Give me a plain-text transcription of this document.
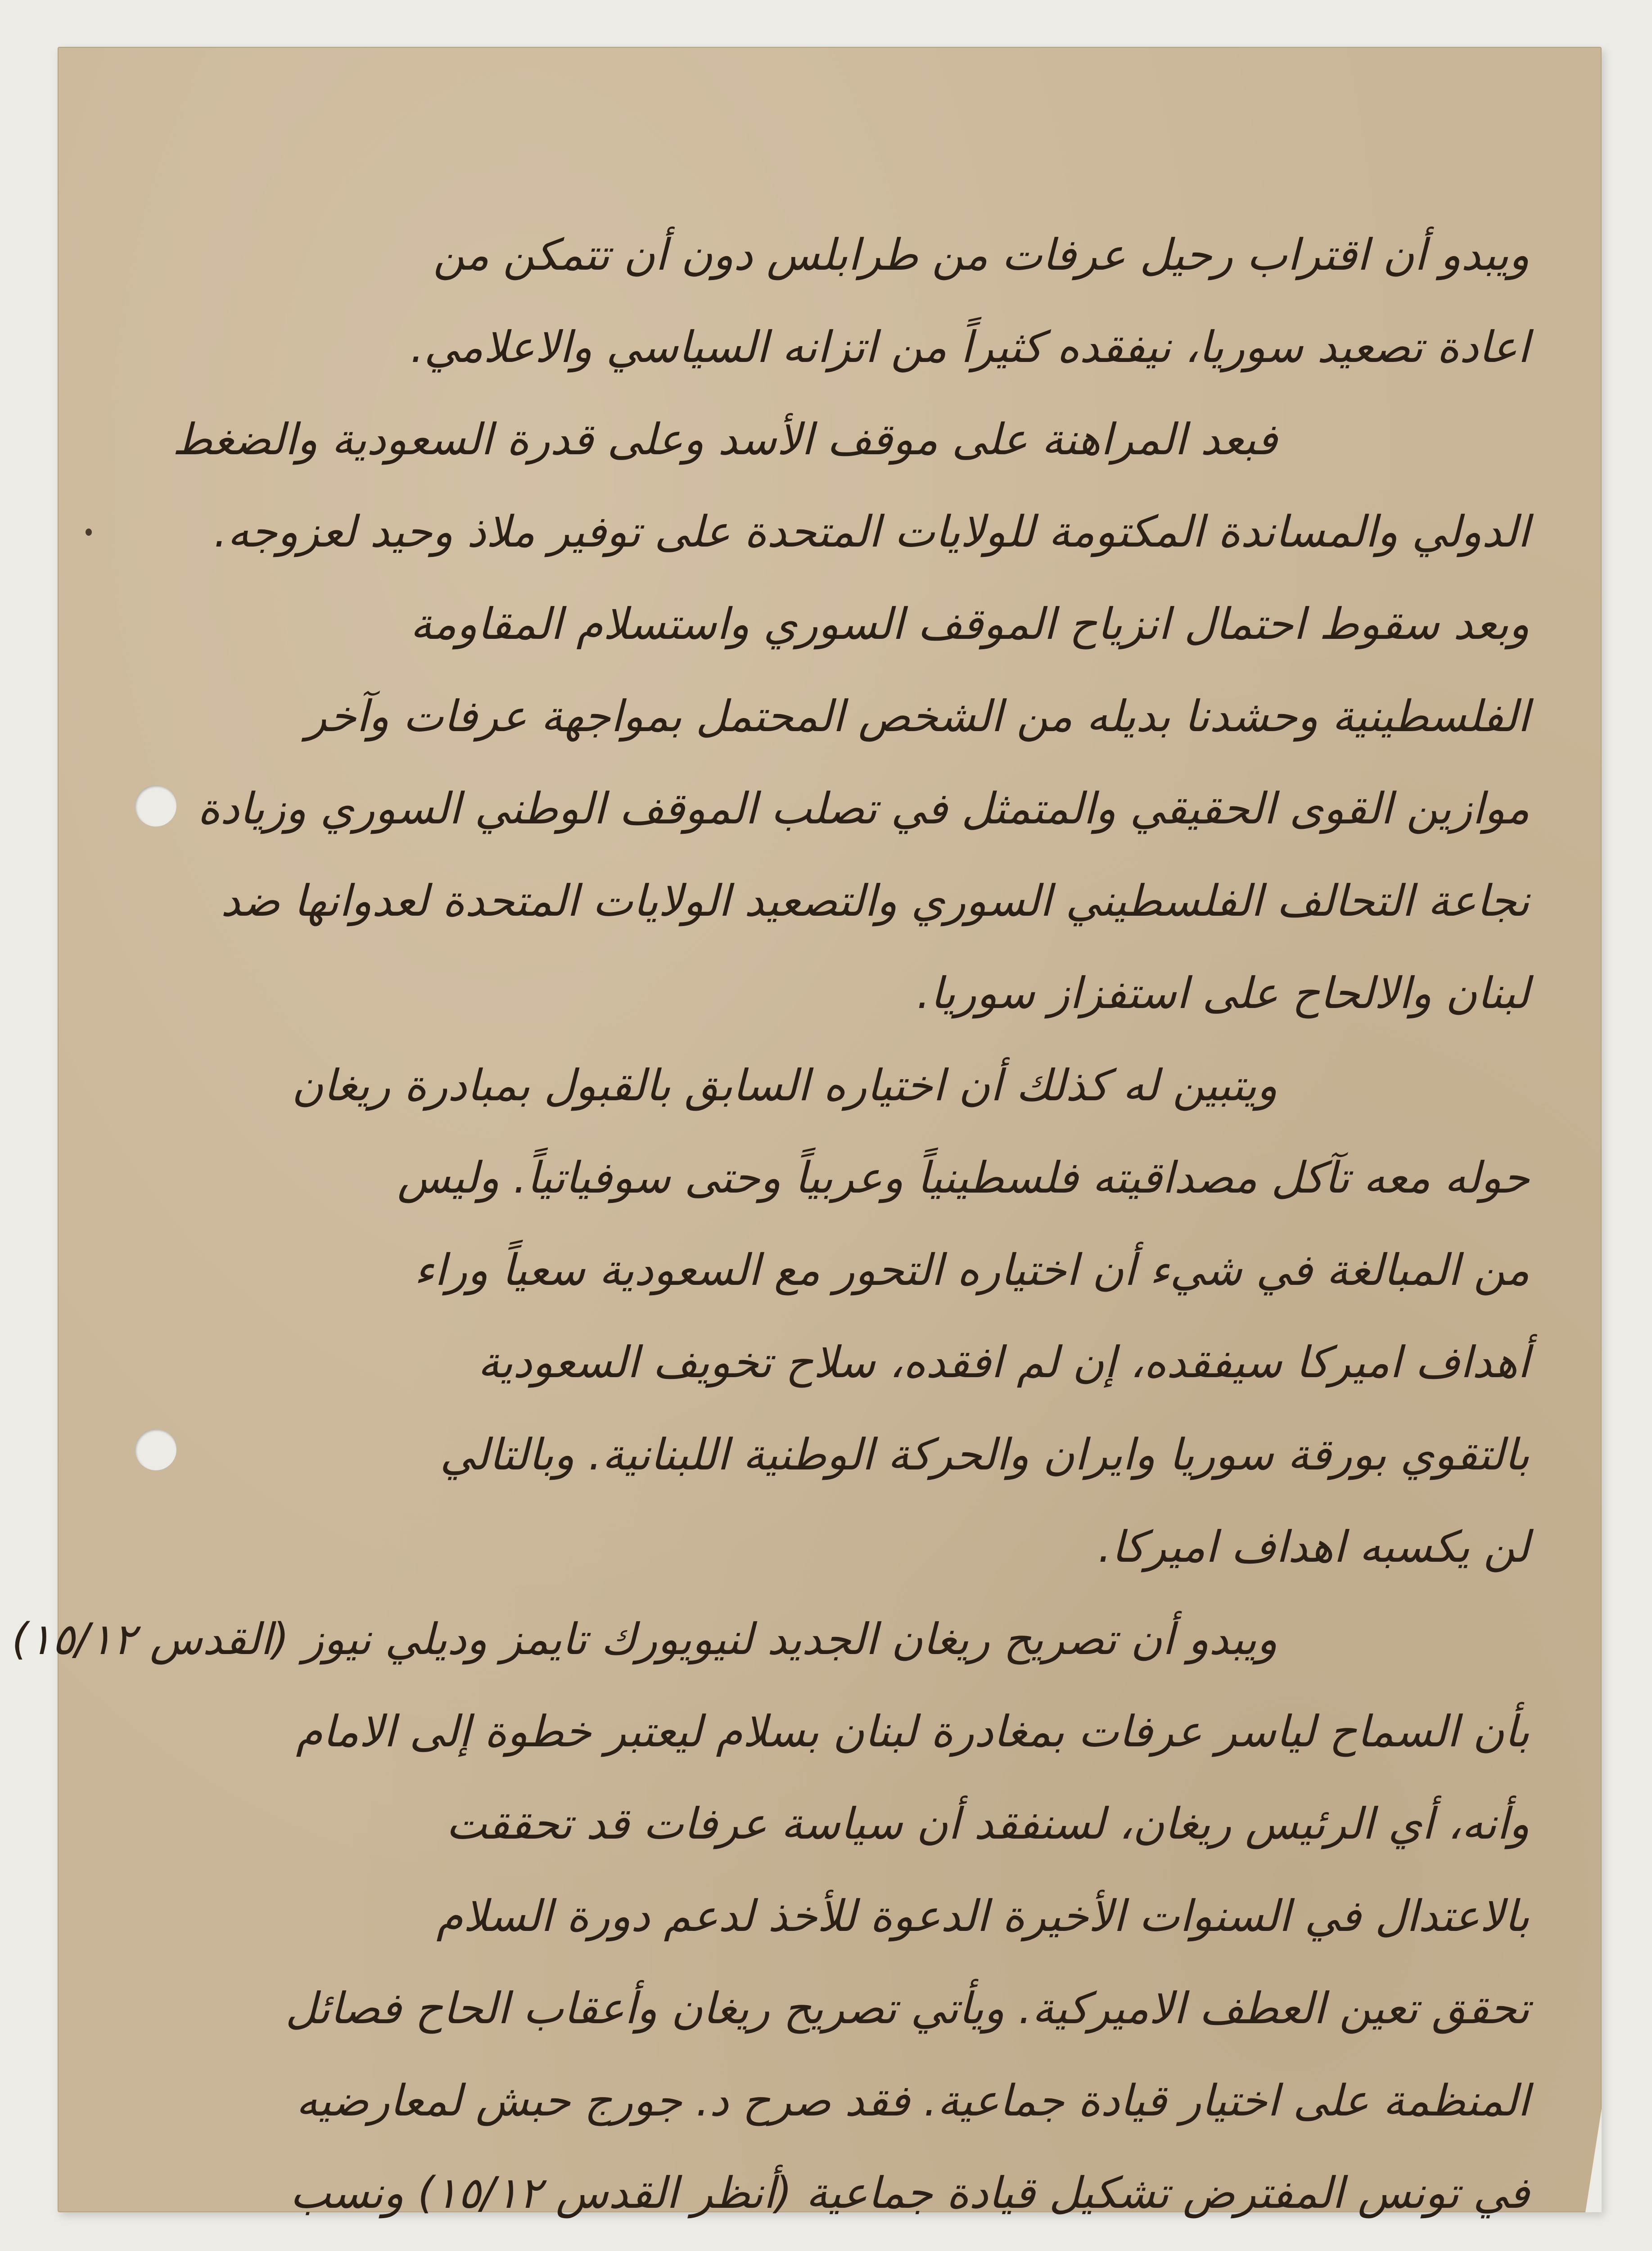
ويبدو أن اقتراب رحيل عرفات من طرابلس دون أن تتمكن من
اعادة تصعيد سوريا، نيفقده كثيراً من اتزانه السياسي والاعلامي.
فبعد المراهنة على موقف الأسد وعلى قدرة السعودية والضغط
الدولي والمساندة المكتومة للولايات المتحدة على توفير ملاذ وحيد لعزوجه.
وبعد سقوط احتمال انزياح الموقف السوري واستسلام المقاومة
الفلسطينية وحشدنا بديله من الشخص المحتمل بمواجهة عرفات وآخر
موازين القوى الحقيقي والمتمثل في تصلب الموقف الوطني السوري وزيادة
نجاعة التحالف الفلسطيني السوري والتصعيد الولايات المتحدة لعدوانها ضد
لبنان والالحاح على استفزاز سوريا.
ويتبين له كذلك أن اختياره السابق بالقبول بمبادرة ريغان
حوله معه تآكل مصداقيته فلسطينياً وعربياً وحتى سوفياتياً. وليس
من المبالغة في شيء أن اختياره التحور مع السعودية سعياً وراء
أهداف اميركا سيفقده، إن لم افقده، سلاح تخويف السعودية
بالتقوي بورقة سوريا وايران والحركة الوطنية اللبنانية. وبالتالي
لن يكسبه اهداف اميركا.
ويبدو أن تصريح ريغان الجديد لنيويورك تايمز وديلي نيوز (القدس ١٥/١٢)
بأن السماح لياسر عرفات بمغادرة لبنان بسلام ليعتبر خطوة إلى الامام
وأنه، أي الرئيس ريغان، لسنفقد أن سياسة عرفات قد تحققت
بالاعتدال في السنوات الأخيرة الدعوة للأخذ لدعم دورة السلام
تحقق تعين العطف الاميركية. ويأتي تصريح ريغان وأعقاب الحاح فصائل
المنظمة على اختيار قيادة جماعية. فقد صرح د. جورج حبش لمعارضيه
في تونس المفترض تشكيل قيادة جماعية (أنظر القدس ١٥/١٢) ونسب
